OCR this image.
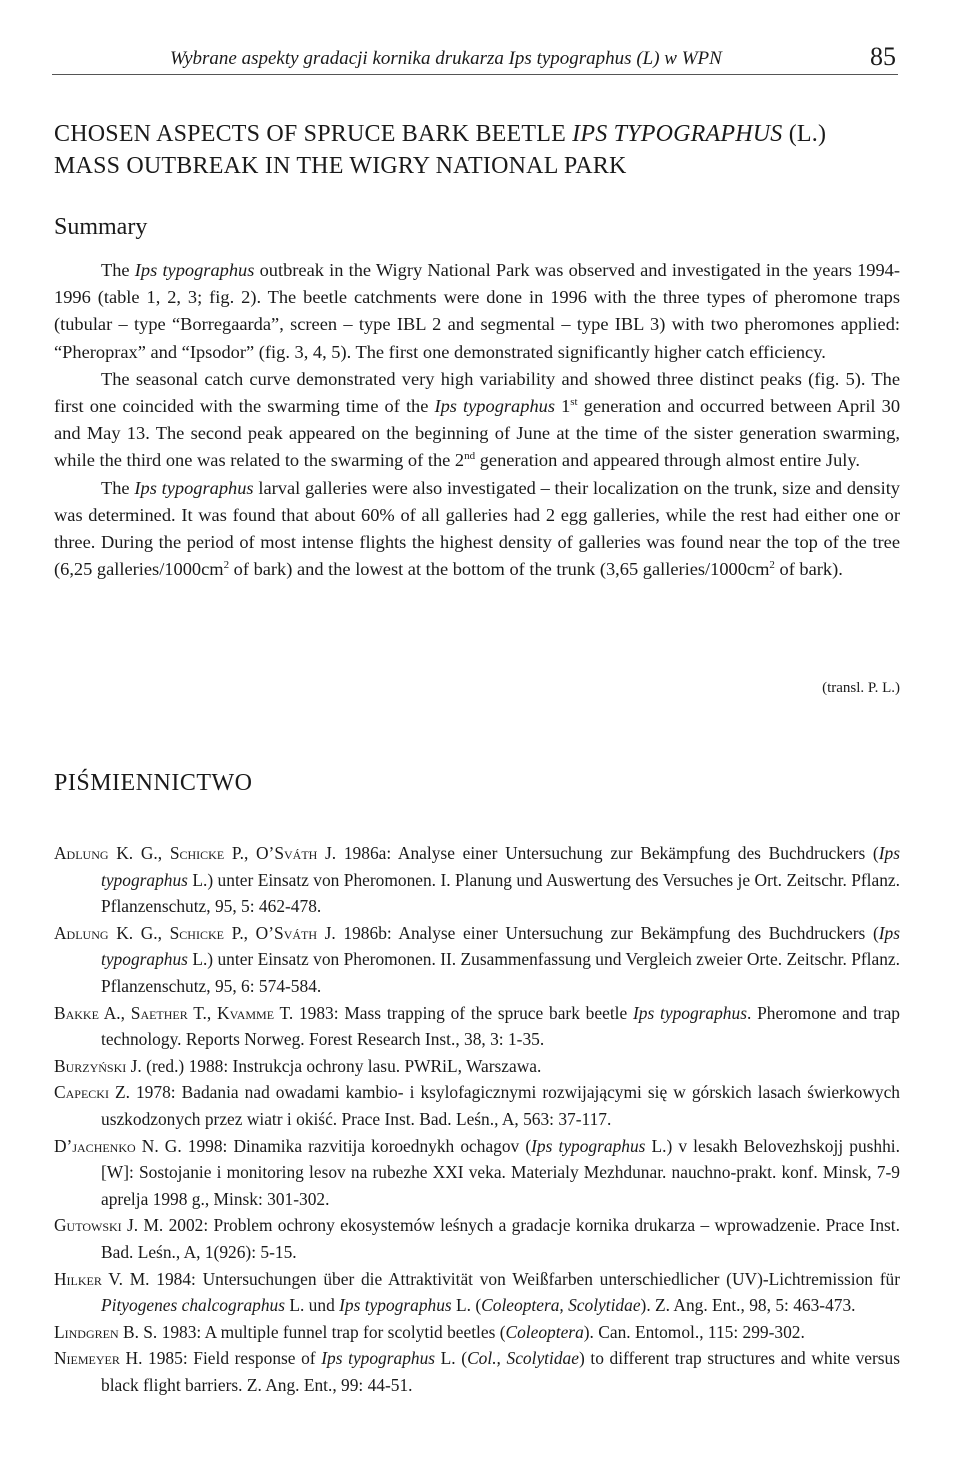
Wybrane aspekty gradacji kornika drukarza Ips typographus (L) w WPN	85
CHOSEN ASPECTS OF SPRUCE BARK BEETLE IPS TYPOGRAPHUS (L.)
MASS OUTBREAK IN THE WIGRY NATIONAL PARK
Summary

The Ips typographus outbreak in the Wigry National Park was observed and investigated in the years 1994-1996 (table 1, 2, 3; fig. 2). The beetle catchments were done in 1996 with the three types of pheromone traps (tubular – type “Borregaarda”, screen – type IBL 2 and segmental – type IBL 3) with two pheromones applied: “Pheroprax” and “Ipsodor” (fig. 3, 4, 5). The first one demonstrated significantly higher catch efficiency.

The seasonal catch curve demonstrated very high variability and showed three distinct peaks (fig. 5). The first one coincided with the swarming time of the Ips typographus 1st generation and occurred between April 30 and May 13. The second peak appeared on the beginning of June at the time of the sister generation swarming, while the third one was related to the swarming of the 2nd generation and appeared through almost entire July.

The Ips typographus larval galleries were also investigated – their localization on the trunk, size and density was determined. It was found that about 60% of all galleries had 2 egg galleries, while the rest had either one or three. During the period of most intense flights the highest density of galleries was found near the top of the tree (6,25 galleries/$1000cm^2$ of bark) and the lowest at the bottom of the trunk (3,65 galleries/$1000cm^2$ of bark).

(transl. P. L.)
PIŚMIENNICTWO
Adlung K. G., Schicke P., O’Sváth J. 1986a: Analyse einer Untersuchung zur Bekämpfung des Buchdruckers (Ips typographus L.) unter Einsatz von Pheromonen. I. Planung und Auswertung des Versuches je Ort. Zeitschr. Pflanz. Pflanzenschutz, 95, 5: 462-478.
Adlung K. G., Schicke P., O’Sváth J. 1986b: Analyse einer Untersuchung zur Bekämpfung des Buchdruckers (Ips typographus L.) unter Einsatz von Pheromonen. II. Zusammenfassung und Vergleich zweier Orte. Zeitschr. Pflanz. Pflanzenschutz, 95, 6: 574-584.
Bakke A., Saether T., Kvamme T. 1983: Mass trapping of the spruce bark beetle Ips typographus. Pheromone and trap technology. Reports Norweg. Forest Research Inst., 38, 3: 1-35.
Burzyński J. (red.) 1988: Instrukcja ochrony lasu. PWRiL, Warszawa.
Capecki Z. 1978: Badania nad owadami kambio- i ksylofagicznymi rozwijającymi się w górskich lasach świerkowych uszkodzonych przez wiatr i okiść. Prace Inst. Bad. Leśn., A, 563: 37-117.
D’jachenko N. G. 1998: Dinamika razvitija koroednykh ochagov (Ips typographus L.) v lesakh Belovezhskojj pushhi. [W]: Sostojanie i monitoring lesov na rubezhe XXI veka. Materialy Mezhdunar. nauchno-prakt. konf. Minsk, 7-9 aprelja 1998 g., Minsk: 301-302.
Gutowski J. M. 2002: Problem ochrony ekosystemów leśnych a gradacje kornika drukarza – wprowadzenie. Prace Inst. Bad. Leśn., A, 1(926): 5-15.
Hilker V. M. 1984: Untersuchungen über die Attraktivität von Weißfarben unterschiedlicher (UV)-Lichtremission für Pityogenes chalcographus L. und Ips typographus L. (Coleoptera, Scolytidae). Z. Ang. Ent., 98, 5: 463-473.
Lindgren B. S. 1983: A multiple funnel trap for scolytid beetles (Coleoptera). Can. Entomol., 115: 299-302.
Niemeyer H. 1985: Field response of Ips typographus L. (Col., Scolytidae) to different trap structures and white versus black flight barriers. Z. Ang. Ent., 99: 44-51.
